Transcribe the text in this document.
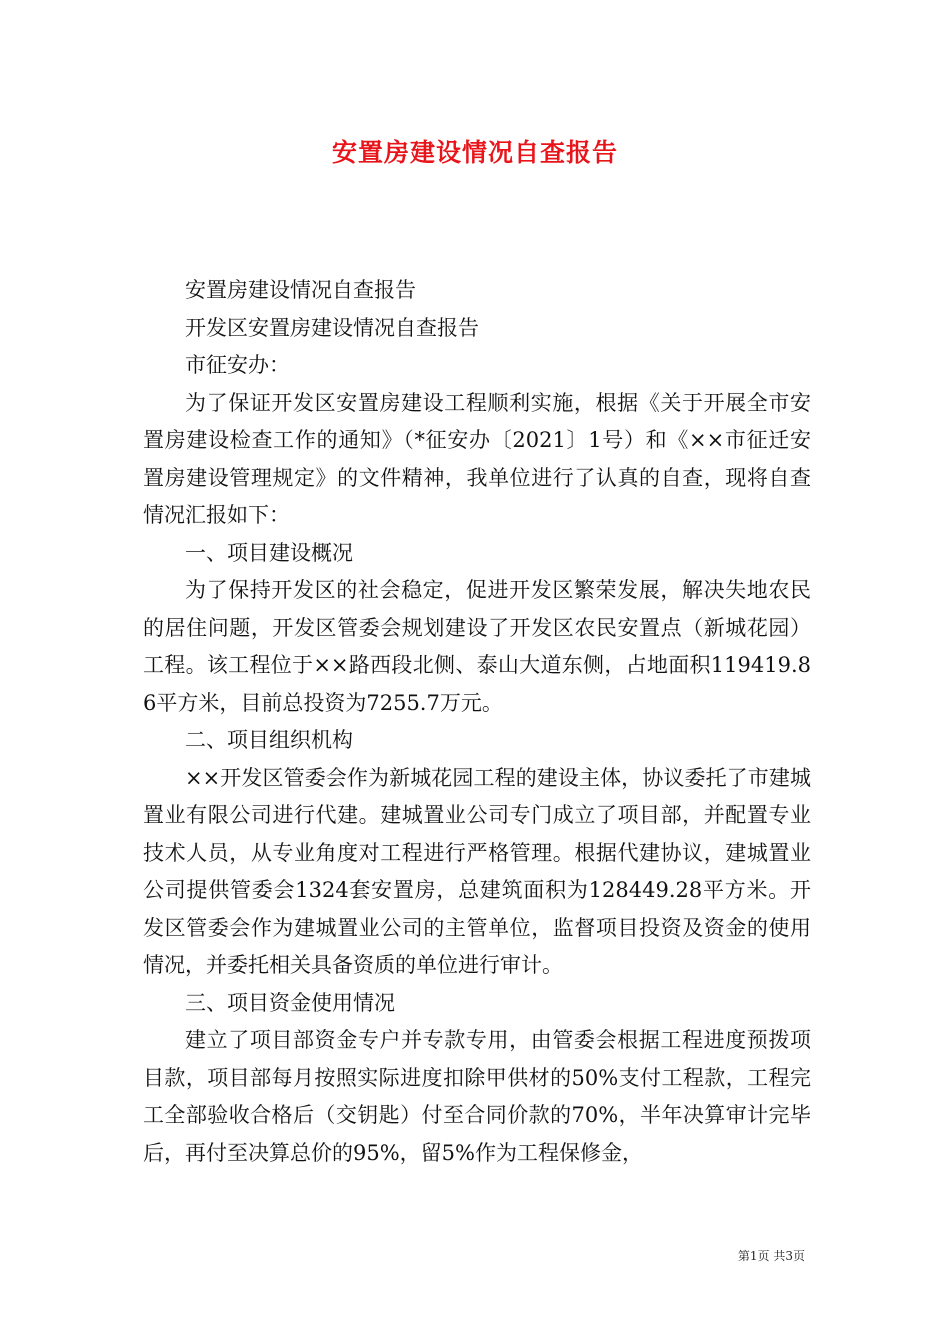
安置房建设情况自查报告

安置房建设情况自查报告

开发区安置房建设情况自查报告

市征安办：

为了保证开发区安置房建设工程顺利实施，根据《关于开展全市安置房建设检查工作的通知》（*征安办〔2021〕1号）和《××市征迁安置房建设管理规定》的文件精神，我单位进行了认真的自查，现将自查情况汇报如下：

一、项目建设概况

为了保持开发区的社会稳定，促进开发区繁荣发展，解决失地农民的居住问题，开发区管委会规划建设了开发区农民安置点（新城花园）工程。该工程位于××路西段北侧、泰山大道东侧，占地面积119419.86平方米，目前总投资为7255.7万元。

二、项目组织机构

××开发区管委会作为新城花园工程的建设主体，协议委托了市建城置业有限公司进行代建。建城置业公司专门成立了项目部，并配置专业技术人员，从专业角度对工程进行严格管理。根据代建协议，建城置业公司提供管委会1324套安置房，总建筑面积为128449.28平方米。开发区管委会作为建城置业公司的主管单位，监督项目投资及资金的使用情况，并委托相关具备资质的单位进行审计。

三、项目资金使用情况

建立了项目部资金专户并专款专用，由管委会根据工程进度预拨项目款，项目部每月按照实际进度扣除甲供材的50%支付工程款，工程完工全部验收合格后（交钥匙）付至合同价款的70%，半年决算审计完毕后，再付至决算总价的95%，留5%作为工程保修金，

第1页 共3页
